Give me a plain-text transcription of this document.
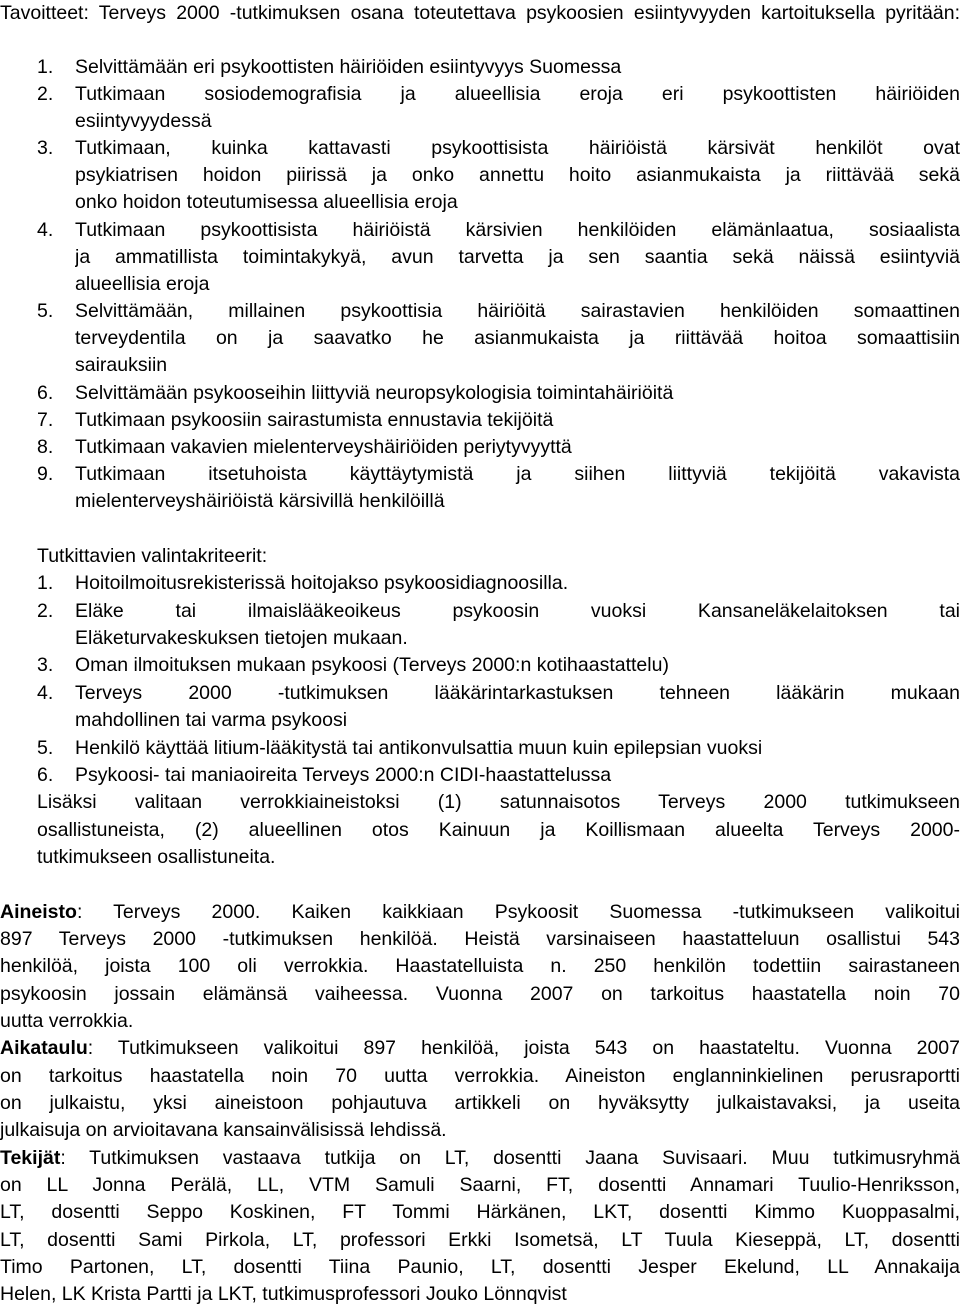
Tavoitteet: Terveys 2000 -tutkimuksen osana toteutettava psykoosien esiintyvyyden kartoituksella pyritään:
1. Selvittämään eri psykoottisten häiriöiden esiintyvyys Suomessa
2. Tutkimaan sosiodemografisia ja alueellisia eroja eri psykoottisten häiriöiden
esiintyvyydessä
3. Tutkimaan, kuinka kattavasti psykoottisista häiriöistä kärsivät henkilöt ovat
psykiatrisen hoidon piirissä ja onko annettu hoito asianmukaista ja riittävää sekä
onko hoidon toteutumisessa alueellisia eroja
4. Tutkimaan psykoottisista häiriöistä kärsivien henkilöiden elämänlaatua, sosiaalista
ja ammatillista toimintakykyä, avun tarvetta ja sen saantia sekä näissä esiintyviä
alueellisia eroja
5. Selvittämään, millainen psykoottisia häiriöitä sairastavien henkilöiden somaattinen
terveydentila on ja saavatko he asianmukaista ja riittävää hoitoa somaattisiin
sairauksiin
6. Selvittämään psykooseihin liittyviä neuropsykologisia toimintahäiriöitä
7. Tutkimaan psykoosiin sairastumista ennustavia tekijöitä
8. Tutkimaan vakavien mielenterveyshäiriöiden periytyvyyttä
9. Tutkimaan itsetuhoista käyttäytymistä ja siihen liittyviä tekijöitä vakavista
mielenterveyshäiriöistä kärsivillä henkilöillä
Tutkittavien valintakriteerit:
1. Hoitoilmoitusrekisterissä hoitojakso psykoosidiagnoosilla.
2. Eläke tai ilmaislääkeoikeus psykoosin vuoksi Kansaneläkelaitoksen tai
Eläketurvakeskuksen tietojen mukaan.
3. Oman ilmoituksen mukaan psykoosi (Terveys 2000:n kotihaastattelu)
4. Terveys 2000 -tutkimuksen lääkärintarkastuksen tehneen lääkärin mukaan
mahdollinen tai varma psykoosi
5. Henkilö käyttää litium-lääkitystä tai antikonvulsattia muun kuin epilepsian vuoksi
6. Psykoosi- tai maniaoireita Terveys 2000:n CIDI-haastattelussa
Lisäksi valitaan verrokkiaineistoksi (1) satunnaisotos Terveys 2000 tutkimukseen
osallistuneista, (2) alueellinen otos Kainuun ja Koillismaan alueelta Terveys 2000-
tutkimukseen osallistuneita.
Aineisto: Terveys 2000. Kaiken kaikkiaan Psykoosit Suomessa -tutkimukseen valikoitui
897 Terveys 2000 -tutkimuksen henkilöä. Heistä varsinaiseen haastatteluun osallistui 543
henkilöä, joista 100 oli verrokkia. Haastatelluista n. 250 henkilön todettiin sairastaneen
psykoosin jossain elämänsä vaiheessa. Vuonna 2007 on tarkoitus haastatella noin 70
uutta verrokkia.
Aikataulu: Tutkimukseen valikoitui 897 henkilöä, joista 543 on haastateltu. Vuonna 2007
on tarkoitus haastatella noin 70 uutta verrokkia. Aineiston englanninkielinen perusraportti
on julkaistu, yksi aineistoon pohjautuva artikkeli on hyväksytty julkaistavaksi, ja useita
julkaisuja on arvioitavana kansainvälisissä lehdissä.
Tekijät: Tutkimuksen vastaava tutkija on LT, dosentti Jaana Suvisaari. Muu tutkimusryhmä
on LL Jonna Perälä, LL, VTM Samuli Saarni, FT, dosentti Annamari Tuulio-Henriksson,
LT, dosentti Seppo Koskinen, FT Tommi Härkänen, LKT, dosentti Kimmo Kuoppasalmi,
LT, dosentti Sami Pirkola, LT, professori Erkki Isometsä, LT Tuula Kieseppä, LT, dosentti
Timo Partonen, LT, dosentti Tiina Paunio, LT, dosentti Jesper Ekelund, LL Annakaija
Helen, LK Krista Partti ja LKT, tutkimusprofessori Jouko Lönnqvist
